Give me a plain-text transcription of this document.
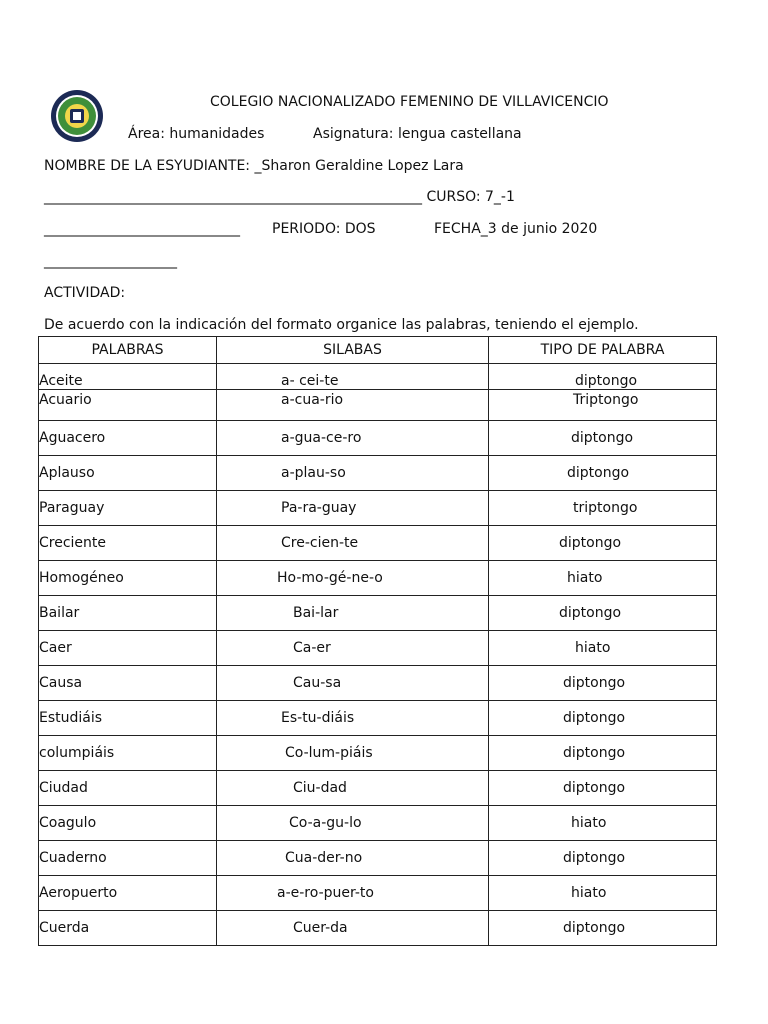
COLEGIO NACIONALIZADO FEMENINO DE VILLAVICENCIO
Área: humanidades	Asignatura: lengua castellana
NOMBRE DE LA ESYUDIANTE: _Sharon Geraldine Lopez Lara
______________________________________________________ CURSO: 7_-1
____________________________ PERIODO: DOS	FECHA_3 de junio 2020
___________________
ACTIVIDAD:
De acuerdo con la indicación del formato organice las palabras, teniendo el ejemplo.
PALABRAS	SILABAS	TIPO DE PALABRA
Aceite	a- cei-te	diptongo
Acuario	a-cua-rio	Triptongo
Aguacero	a-gua-ce-ro	diptongo
Aplauso	a-plau-so	diptongo
Paraguay	Pa-ra-guay	triptongo
Creciente	Cre-cien-te	diptongo
Homogéneo	Ho-mo-gé-ne-o	hiato
Bailar	Bai-lar	diptongo
Caer	Ca-er	hiato
Causa	Cau-sa	diptongo
Estudiáis	Es-tu-diáis	diptongo
columpiáis	Co-lum-piáis	diptongo
Ciudad	Ciu-dad	diptongo
Coagulo	Co-a-gu-lo	hiato
Cuaderno	Cua-der-no	diptongo
Aeropuerto	a-e-ro-puer-to	hiato
Cuerda	Cuer-da	diptongo
